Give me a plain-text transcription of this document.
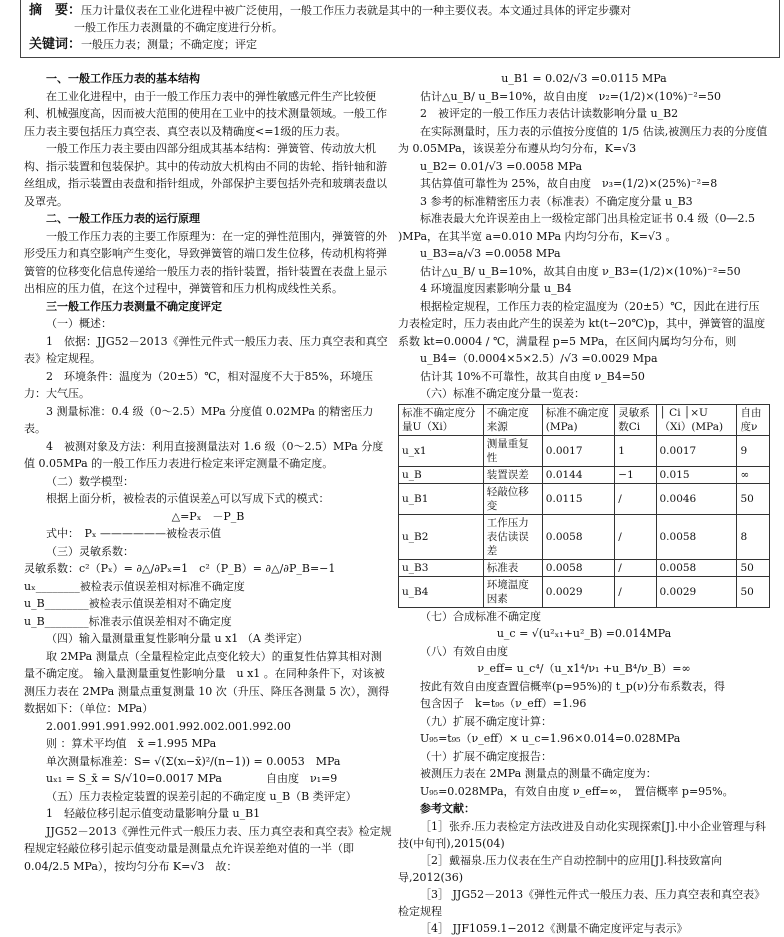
摘　要：压力计量仪表在工业化进程中被广泛使用，一般工作压力表就是其中的一种主要仪表。本文通过具体的评定步骤对
一般工作压力表测量的不确定度进行分析。
关键词：一般压力表；测量；不确定度；评定

一、一般工作压力表的基本结构

在工业化进程中，由于一般工作压力表中的弹性敏感元件生产比较便利、机械强度高，因而被大范围的使用在工业中的技术测量领域。一般工作压力表主要包括压力真空表、真空表以及精确度<=1级的压力表。

一般工作压力表主要由四部分组成其基本结构：弹簧管、传动放大机构、指示装置和包装保护。其中的传动放大机构由不同的齿轮、指针轴和游丝组成，指示装置由表盘和指针组成，外部保护主要包括外壳和玻璃表盘以及罩壳。

二、一般工作压力表的运行原理

一般工作压力表的主要工作原理为：在一定的弹性范围内，弹簧管的外形受压力和真空影响产生变化，导致弹簧管的端口发生位移，传动机构将弹簧管的位移变化信息传递给一般压力表的指针装置，指针装置在表盘上显示出相应的压力值，在这个过程中，弹簧管和压力机构成线性关系。

三一般工作压力表测量不确定度评定

（一）概述：

1　依据：JJG52－2013《弹性元件式一般压力表、压力真空表和真空表》检定规程。

2　环境条件：温度为（20±5）℃，相对湿度不大于85%，环境压力：大气压。

3 测量标准：0.4 级（0～2.5）MPa 分度值 0.02MPa 的精密压力表。

4　被测对象及方法：利用直接测量法对 1.6 级（0～2.5）MPa 分度值 0.05MPa 的一般工作压力表进行检定来评定测量不确定度。

（二）数学模型：

根据上面分析，被检表的示值误差△可以写成下式的模式：

△=Pₓ　－P_B

式中：　Pₓ ——————被检表示值

（三）灵敏系数：

灵敏系数：c²（Pₓ）= ∂△/∂Pₓ=1　c²（P_B）= ∂△/∂P_B=−1

uₓ________被检表示值误差相对标准不确定度

u_B________被检表示值误差相对不确定度

u_B________标准表示值误差相对不确定度

（四）输入量测量重复性影响分量 u x1 （A 类评定）

取 2MPa 测量点（全量程检定此点变化较大）的重复性估算其相对测量不确定度。 输入量测量重复性影响分量　u x1 。在同种条件下，对该被测压力表在 2MPa 测量点重复测量 10 次（升压、降压各测量 5 次），测得数据如下：（单位：MPa）

2.001.991.991.992.001.992.002.001.992.00

则 ：算术平均值　x̄ =1.995 MPa

单次测量标准差：S= √(Σ(xᵢ−x̄)²/(n−1)) = 0.0053　MPa

uₓ₁ = S_x̄ = S/√10=0.0017 MPa　　　　自由度　ν₁=9

（五）压力表检定装置的误差引起的不确定度 u_B（B 类评定）

1　轻敲位移引起示值变动量影响分量 u_B1

JJG52－2013《弹性元件式一般压力表、压力真空表和真空表》检定规程规定轻敲位移引起示值变动量是测量点允许误差绝对值的一半（即 0.04/2.5 MPa），按均匀分布 K=√3　故：

u_B1 = 0.02/√3 =0.0115 MPa

估计△u_B/ u_B=10%，故自由度　ν₂=(1/2)×(10%)⁻²=50

2　被评定的一般工作压力表估计读数影响分量 u_B2

在实际测量时，压力表的示值按分度值的 1/5 估读,被测压力表的分度值为 0.05MPa，该误差分布遵从均匀分布，K=√3

u_B2= 0.01/√3 =0.0058 MPa

其估算值可靠性为 25%，故自由度　ν₃=(1/2)×(25%)⁻²=8

3 参考的标准精密压力表（标准表）不确定度分量 u_B3

标准表最大允许误差由上一级检定部门出具检定证书 0.4 级（0―2.5 )MPa，在其半宽 a=0.010 MPa 内均匀分布，K=√3 。

u_B3=a/√3 =0.0058 MPa

估计△u_B/ u_B=10%，故其自由度 ν_B3=(1/2)×(10%)⁻²=50

4 环境温度因素影响分量 u_B4

根据检定规程，工作压力表的检定温度为（20±5）℃，因此在进行压力表检定时，压力表由此产生的误差为 kt(t−20℃)p，其中，弹簧管的温度系数 kt=0.0004 / ℃，满量程 p=5 MPa，在区间内属均匀分布，则

u_B4=（0.0004×5×2.5）/√3 =0.0029 Mpa

估计其 10%不可靠性，故其自由度 ν_B4=50

（六）标准不确定度分量一览表：

标准不确定度分量U（Xi）	不确定度来源	标准不确定度(MPa)	灵敏系数Ci	│ Ci │×U（Xi）(MPa)	自由度ν
u_x1	测量重复性	0.0017	1	0.0017	9
u_B	装置误差	0.0144	−1	0.015	∞
u_B1	轻敲位移变	0.0115	/	0.0046	50
u_B2	工作压力表估读误差	0.0058	/	0.0058	8
u_B3	标准表	0.0058	/	0.0058	50
u_B4	环境温度因素	0.0029	/	0.0029	50

（七）合成标准不确定度

u_c = √(u²ₓ₁+u²_B) =0.014MPa

（八）有效自由度

ν_eff= u_c⁴/（u_x1⁴/ν₁ +u_B⁴/ν_B）=∞

按此有效自由度查置信概率(p=95%)的 t_p(ν)分布系数表，得

包含因子　k=t₉₅（ν_eff）=1.96

（九）扩展不确定度计算：

U₉₅=t₉₅（ν_eff）× u_c=1.96×0.014=0.028MPa

（十）扩展不确定度报告：

被测压力表在 2MPa 测量点的测量不确定度为：

U₉₅=0.028MPa，有效自由度 ν_eff=∞，　置信概率 p=95%。

参考文献：

［1］张乔.压力表检定方法改进及自动化实现探索[J].中小企业管理与科技(中旬刊),2015(04)

［2］戴福泉.压力仪表在生产自动控制中的应用[J].科技致富向导,2012(36)

［3］ JJG52－2013《弹性元件式一般压力表、压力真空表和真空表》检定规程

［4］ JJF1059.1−2012《测量不确定度评定与表示》
